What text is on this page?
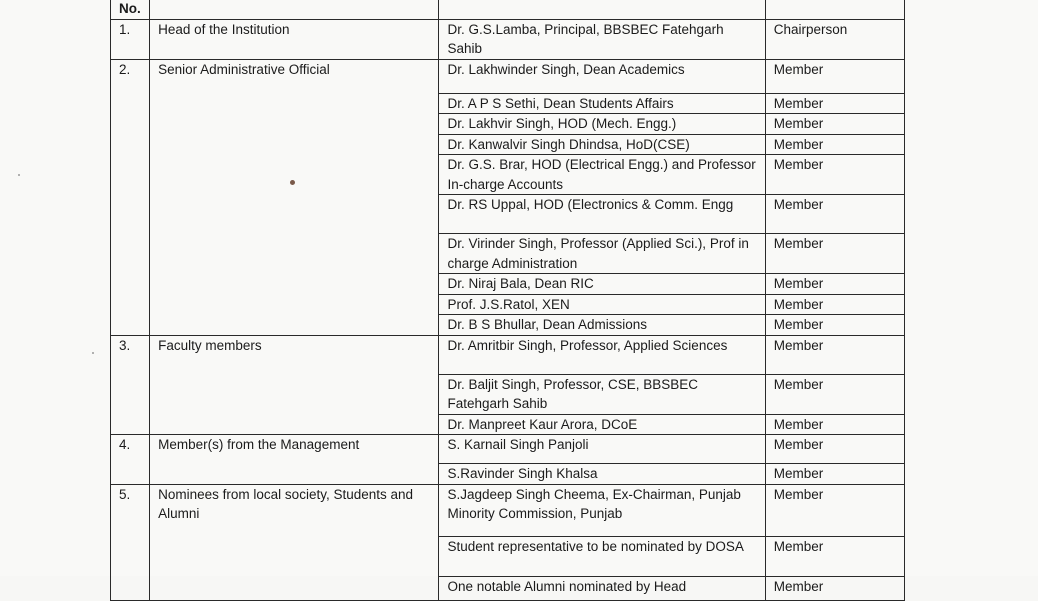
No.			
1.	Head of the Institution	Dr. G.S.Lamba, Principal, BBSBEC Fatehgarh Sahib	Chairperson
2.	Senior Administrative Official	Dr. Lakhwinder Singh, Dean Academics	Member
		Dr. A P S Sethi, Dean Students Affairs	Member
		Dr. Lakhvir Singh, HOD (Mech. Engg.)	Member
		Dr. Kanwalvir Singh Dhindsa, HoD(CSE)	Member
		Dr. G.S. Brar, HOD (Electrical Engg.) and Professor In-charge Accounts	Member
		Dr. RS Uppal, HOD (Electronics & Comm. Engg	Member
		Dr. Virinder Singh, Professor (Applied Sci.), Prof in charge Administration	Member
		Dr. Niraj Bala, Dean RIC	Member
		Prof. J.S.Ratol, XEN	Member
		Dr. B S Bhullar, Dean Admissions	Member
3.	Faculty members	Dr. Amritbir Singh, Professor, Applied Sciences	Member
		Dr. Baljit Singh, Professor, CSE, BBSBEC Fatehgarh Sahib	Member
		Dr. Manpreet Kaur Arora, DCoE	Member
4.	Member(s) from the Management	S. Karnail Singh Panjoli	Member
		S.Ravinder Singh Khalsa	Member
5.	Nominees from local society, Students and Alumni	S.Jagdeep Singh Cheema, Ex-Chairman, Punjab Minority Commission, Punjab	Member
		Student representative to be nominated by DOSA	Member
		One notable Alumni nominated by Head	Member
